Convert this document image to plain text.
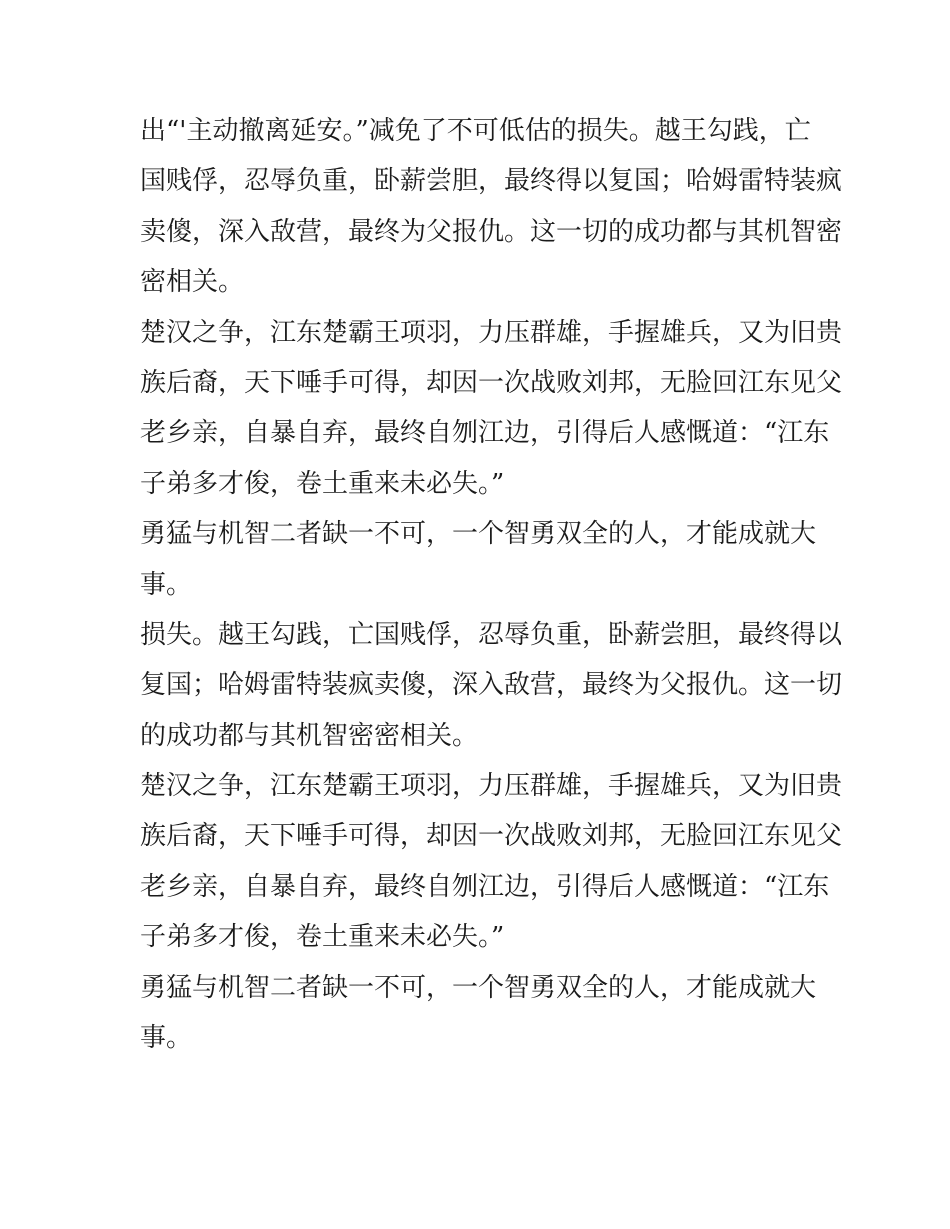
出“'主动撤离延安。”减免了不可低估的损失。越王勾践，亡
国贱俘，忍辱负重，卧薪尝胆，最终得以复国；哈姆雷特装疯
卖傻，深入敌营，最终为父报仇。这一切的成功都与其机智密
密相关。
楚汉之争，江东楚霸王项羽，力压群雄，手握雄兵，又为旧贵
族后裔，天下唾手可得，却因一次战败刘邦，无脸回江东见父
老乡亲，自暴自弃，最终自刎江边，引得后人感慨道：“江东
子弟多才俊，卷土重来未必失。”
勇猛与机智二者缺一不可，一个智勇双全的人，才能成就大
事。
损失。越王勾践，亡国贱俘，忍辱负重，卧薪尝胆，最终得以
复国；哈姆雷特装疯卖傻，深入敌营，最终为父报仇。这一切
的成功都与其机智密密相关。
楚汉之争，江东楚霸王项羽，力压群雄，手握雄兵，又为旧贵
族后裔，天下唾手可得，却因一次战败刘邦，无脸回江东见父
老乡亲，自暴自弃，最终自刎江边，引得后人感慨道：“江东
子弟多才俊，卷土重来未必失。”
勇猛与机智二者缺一不可，一个智勇双全的人，才能成就大
事。
